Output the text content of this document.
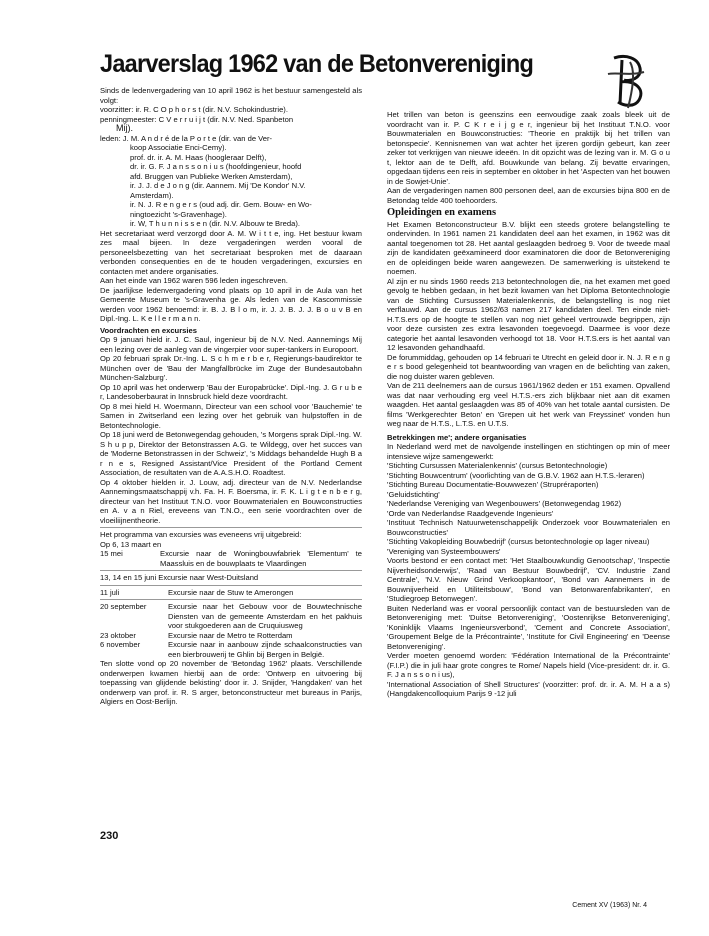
Jaarverslag 1962 van de Betonvereniging

Sinds de ledenvergadering van 10 april 1962 is het bestuur samengesteld als volgt:

voorzitter: ir. R. C O p h o r s t (dir. N.V. Schokindustrie).

penningmeester: C V e r r u i j t (dir. N.V. Ned. Spanbeton

Mij).

leden: J. M. A n d r é de la P o r t e (dir. van de Ver-

koop Associatie Enci-Cemy).

prof. dr. ir. A. M. Haas (hoogleraar Delft),

dr. ir. G. F. J a n s s o n i u s (hoofdingenieur, hoofd

afd. Bruggen van Publieke Werken Amsterdam),

ir. J. J. d e J o n g (dir. Aannem. Mij 'De Kondor' N.V.

Amsterdam).

ir. N. J. R e n g e r s (oud adj. dir. Gem. Bouw- en Wo-

ningtoezicht 's-Gravenhage).

ir. W, T h u n n i s s e n (dir. N.V. Albouw te Breda).

Het secretariaat werd verzorgd door A. M. W i t t e, ing. Het bestuur kwam zes maal bijeen. In deze vergaderingen werden vooral de personeelsbezetting van het secretariaat besproken met de daaraan verbonden consequenties en de te houden vergaderingen, excursies en contacten met andere organisaties.

Aan het einde van 1962 waren 596 leden ingeschreven.

De jaarlijkse ledenvergadering vond plaats op 10 april in de Aula van het Gemeente Museum te 's-Gravenha ge. Als leden van de Kascommissie werden voor 1962 benoemd: ir. B. J. B l o m, ir. J. J. B. J. J. B o u v B en Dipl.-Ing. L. K e l l e r m a n n.

Voordrachten en excursies

Op 9 januari hield ir. J. C. Saul, ingenieur bij de N.V. Ned. Aannemings Mij een lezing over de aanleg van de vingerpier voor super-tankers in Europoort.

Op 20 februari sprak Dr.-Ing. L. S c h m e r b e r, Regierungs-baudirektor te München over de 'Bau der Mangfallbrücke im Zuge der Bundesautobahn München-Salzburg'.

Op 10 april was het onderwerp 'Bau der Europabrücke'. Dipl.-Ing. J. G r u b e r, Landesoberbaurat in Innsbruck hield deze voordracht.

Op 8 mei hield H. Woermann, Directeur van een school voor 'Bauchemie' te Samen in Zwitserland een lezing over het gebruik van hulpstoffen in de Betontechnologie.

Op 18 juni werd de Betonwegendag gehouden, 's Morgens sprak Dipl.-Ing. W. S h u p p, Direktor der Betonstrassen A.G. te Wildegg, over het succes van de 'Moderne Betonstrassen in der Schweiz', 's Middags behandelde Hugh B a r n e s, Resigned Assistant/Vice President of the Portland Cement Association, de resultaten van de A.A.S.H.O. Roadtest.

Op 4 oktober hielden ir. J. Louw, adj. directeur van de N.V. Nederlandse Aannemingsmaatschappij v.h. Fa. H. F. Boersma, ir. F. K. L i g t e n b e r g, directeur van het Instituut T.N.O. voor Bouwmaterialen en Bouwconstructies en A. v a n Riel, ereveens van T.N.O., een serie voordrachten over de vloeiliijnentheorie.

Het programma van excursies was eveneens vrij uitgebreid:

Op 6, 13 maart en

15 mei	Excursie naar de Woningbouwfabriek 'Elementum' te Maassluis en de bouwplaats te Vlaardingen

13, 14 en 15 juni Excursie naar West-Duitsland

11 juli	Excursie naar de Stuw te Amerongen
20 september	Excursie naar het Gebouw voor de Bouwtechnische Diensten van de gemeente Amsterdam en het pakhuis voor stukgoederen aan de Cruquiusweg
23 oktober	Excursie naar de Metro te Rotterdam
6 november	Excursie naar in aanbouw zijnde schaalconstructies van een bierbrouwerij te Ghlin bij Bergen in België.

Ten slotte vond op 20 november de 'Betondag 1962' plaats. Verschillende onderwerpen kwamen hierbij aan de orde: 'Ontwerp en uitvoering bij toepassing van glijdende bekisting' door ir. J. Snijder, 'Hangdaken' van het onderwerp van prof. ir. R. S arger, betonconstructeur met bureaus in Parijs, Algiers en Oost-Berlijn.

Het trillen van beton is geenszins een eenvoudige zaak zoals bleek uit de voordracht van ir. P. C K r e i j g e r, ingenieur bij het Instituut T.N.O. voor Bouwmaterialen en Bouwconstructies: 'Theorie en praktijk bij het trillen van betonspecie'. Kennisnemen van wat achter het ijzeren gordijn gebeurt, kan zeer zeker tot verkrijgen van nieuwe ideeën. In dit opzicht was de lezing van ir. M. G o u t, lektor aan de te Delft, afd. Bouwkunde van belang. Zij bevatte ervaringen, opgedaan tijdens een reis in september en oktober in het 'Aspecten van het bouwen in de Sowjet-Unie'.

Aan de vergaderingen namen 800 personen deel, aan de excursies bijna 800 en de Betondag telde 400 toehoorders.

Opleidingen en examens

Het Examen Betonconstructeur B.V. blijkt een steeds grotere belangstelling te ondervinden. In 1961 namen 21 kandidaten deel aan het examen, in 1962 was dit aantal toegenomen tot 28. Het aantal geslaagden bedroeg 9. Voor de tweede maal zijn de kandidaten geëxamineerd door examinatoren die door de Betonvereniging en de opleidingen beide waren aangewezen. De samenwerking is uitstekend te noemen.

Al zijn er nu sinds 1960 reeds 213 betontechnologen die, na het examen met goed gevolg te hebben gedaan, in het bezit kwamen van het Diploma Betontechnologie van de Stichting Cursussen Materialenkennis, de belangstelling is nog niet verflauwd. Aan de cursus 1962/63 namen 217 kandidaten deel. Ten einde niet-H.T.S.ers op de hoogte te stellen van nog niet geheel vertrouwde begrippen, zijn voor deze cursisten zes extra lesavonden toegevoegd. Daarmee is voor deze categorie het aantal lesavonden verhoogd tot 18. Voor H.T.S.ers is het aantal van 12 lesavonden gehandhaafd.

De forummiddag, gehouden op 14 februari te Utrecht en geleid door ir. N. J. R e n g e r s bood gelegenheid tot beantwoording van vragen en de belichting van zaken, die nog duister waren gebleven.

Van de 211 deelnemers aan de cursus 1961/1962 deden er 151 examen. Opvallend was dat naar verhouding erg veel H.T.S.-ers zich blijkbaar niet aan dit examen waagden. Het aantal geslaagden was 85 of 40% van het totale aantal cursisten. De films 'Werkgerechter Beton' en 'Grepen uit het werk van Freyssinet' vonden hun weg naar de H.T.S., L.T.S. en U.T.S.

Betrekkingen me'; andere organisaties

In Nederland werd met de navolgende instellingen en stichtingen op min of meer intensieve wijze samengewerkt:

'Stichting Cursussen Materialenkennis' (cursus Betontechnologie)

'Stichting Bouwcentrum' (voorlichting van de G.B.V. 1962 aan H.T.S.-leraren)

'Stichting Bureau Documentatie-Bouwwezen' (Strupréraporten)

'Geluidstichting'

'Nederlandse Vereniging van Wegenbouwers' (Betonwegendag 1962)

'Orde van Nederlandse Raadgevende Ingenieurs'

'Instituut Technisch Natuurwetenschappelijk Onderzoek voor Bouwmaterialen en Bouwconstructies'

'Stichting Vakopleiding Bouwbedrijf' (cursus betontechnologie op lager niveau)

'Vereniging van Systeembouwers'

Voorts bestond er een contact met: 'Het Staalbouwkundig Genootschap', 'Inspectie Nijverheidsonderwijs', 'Raad van Bestuur Bouwbedrijf', 'CV. Industrie Zand Centrale', 'N.V. Nieuw Grind Verkoopkantoor', 'Bond van Aannemers in de Bouwnijverheid en Utiliteitsbouw', 'Bond van Betonwarenfabrikanten', en 'Studiegroep Betonwegen'.

Buiten Nederland was er vooral persoonlijk contact van de bestuursleden van de Betonvereniging met: 'Duitse Betonvereniging', 'Oostenrijkse Betonvereniging', 'Koninklijk Vlaams Ingenieursverbond', 'Cement and Concrete Association', 'Groupement Belge de la Précontrainte', 'Institute for Civil Engineering' en 'Deense Betonvereniging'.

Verder moeten genoemd worden: 'Fédération International de la Précontrainte' (F.I.P.) die in juli haar grote congres te Rome/ Napels hield (Vice-president: dr. ir. G. F. J a n s s o n i us),

'International Association of Shell Structures' (voorzitter: prof. dr. ir. A. M. H a a s) (Hangdakencolloquium Parijs 9 -12 juli

230
Cement XV (1963) Nr. 4
